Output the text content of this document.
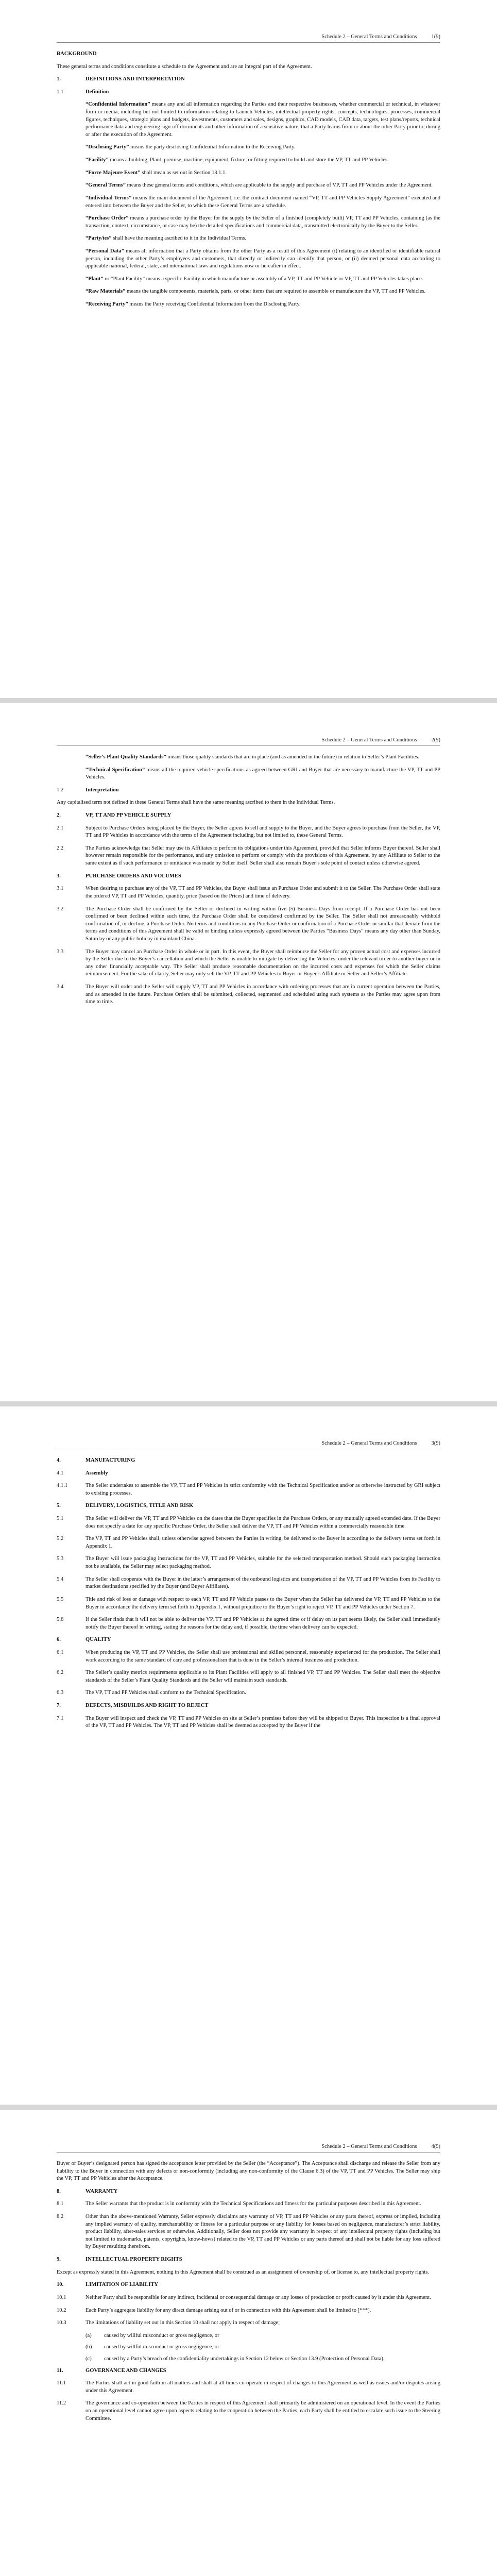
Schedule 2 – General Terms and Conditions	1(9)
BACKGROUND
These general terms and conditions constitute a schedule to the Agreement and are an integral part of the Agreement.
1.	DEFINITIONS AND INTERPRETATION
1.1	Definition

“Confidential Information” means any and all information regarding the Parties and their respective businesses, whether commercial or technical, in whatever form or media, including but not limited to information relating to Launch Vehicles, intellectual property rights, concepts, technologies, processes, commercial figures, techniques, strategic plans and budgets, investments, customers and sales, designs, graphics, CAD models, CAD data, targets, test plans/reports, technical performance data and engineering sign-off documents and other information of a sensitive nature, that a Party learns from or about the other Party prior to, during or after the execution of the Agreement.

“Disclosing Party” means the party disclosing Confidential Information to the Receiving Party.

“Facility” means a building, Plant, premise, machine, equipment, fixture, or fitting required to build and store the VP, TT and PP Vehicles.

“Force Majeure Event” shall mean as set out in Section 13.1.1.

“General Terms” means these general terms and conditions, which are applicable to the supply and purchase of VP, TT and PP Vehicles under the Agreement.

“Individual Terms” means the main document of the Agreement, i.e. the contract document named “VP, TT and PP Vehicles Supply Agreement” executed and entered into between the Buyer and the Seller, to which these General Terms are a schedule.

“Purchase Order” means a purchase order by the Buyer for the supply by the Seller of a finished (completely built) VP, TT and PP Vehicles, containing (as the transaction, context, circumstance, or case may be) the detailed specifications and commercial data, transmitted electronically by the Buyer to the Seller.

“Party/ies” shall have the meaning ascribed to it in the Individual Terms.

“Personal Data” means all information that a Party obtains from the other Party as a result of this Agreement (i) relating to an identified or identifiable natural person, including the other Party’s employees and customers, that directly or indirectly can identify that person, or (ii) deemed personal data according to applicable national, federal, state, and international laws and regulations now or hereafter in effect.

“Plant” or “Plant Facility” means a specific Facility in which manufacture or assembly of a VP, TT and PP Vehicle or VP, TT and PP Vehicles takes place.

“Raw Materials” means the tangible components, materials, parts, or other items that are required to assemble or manufacture the VP, TT and PP Vehicles.

“Receiving Party” means the Party receiving Confidential Information from the Disclosing Party.

Schedule 2 – General Terms and Conditions	2(9)

“Seller’s Plant Quality Standards” means those quality standards that are in place (and as amended in the future) in relation to Seller’s Plant Facilities.

“Technical Specification” means all the required vehicle specifications as agreed between GRI and Buyer that are necessary to manufacture the VP, TT and PP Vehicles.

1.2	Interpretation
Any capitalised term not defined in these General Terms shall have the same meaning ascribed to them in the Individual Terms.
2.	VP, TT AND PP VEHICLE SUPPLY
2.1	Subject to Purchase Orders being placed by the Buyer, the Seller agrees to sell and supply to the Buyer, and the Buyer agrees to purchase from the Seller, the VP, TT and PP Vehicles in accordance with the terms of the Agreement including, but not limited to, these General Terms.
2.2	The Parties acknowledge that Seller may use its Affiliates to perform its obligations under this Agreement, provided that Seller informs Buyer thereof. Seller shall however remain responsible for the performance, and any omission to perform or comply with the provisions of this Agreement, by any Affiliate to Seller to the same extent as if such performance or omittance was made by Seller itself. Seller shall also remain Buyer’s sole point of contact unless otherwise agreed.
3.	PURCHASE ORDERS AND VOLUMES
3.1	When desiring to purchase any of the VP, TT and PP Vehicles, the Buyer shall issue an Purchase Order and submit it to the Seller. The Purchase Order shall state the ordered VP, TT and PP Vehicles, quantity, price (based on the Prices) and time of delivery.
3.2	The Purchase Order shall be confirmed by the Seller or declined in writing within five (5) Business Days from receipt. If a Purchase Order has not been confirmed or been declined within such time, the Purchase Order shall be considered confirmed by the Seller. The Seller shall not unreasonably withhold confirmation of, or decline, a Purchase Order. No terms and conditions in any Purchase Order or confirmation of a Purchase Order or similar that deviate from the terms and conditions of this Agreement shall be valid or binding unless expressly agreed between the Parties “Business Days” means any day other than Sunday, Saturday or any public holiday in mainland China.
3.3	The Buyer may cancel an Purchase Order in whole or in part. In this event, the Buyer shall reimburse the Seller for any proven actual cost and expenses incurred by the Seller due to the Buyer’s cancellation and which the Seller is unable to mitigate by delivering the Vehicles, under the relevant order to another buyer or in any other financially acceptable way. The Seller shall produce reasonable documentation on the incurred costs and expenses for which the Seller claims reimbursement. For the sake of clarity, Seller may only sell the VP, TT and PP Vehicles to Buyer or Buyer’s Affiliate or Seller and Seller’s Affiliate.
3.4	The Buyer will order and the Seller will supply VP, TT and PP Vehicles in accordance with ordering processes that are in current operation between the Parties, and as amended in the future. Purchase Orders shall be submitted, collected, segmented and scheduled using such systems as the Parties may agree upon from time to time.
Schedule 2 – General Terms and Conditions	3(9)
4.	MANUFACTURING
4.1	Assembly
4.1.1	The Seller undertakes to assemble the VP, TT and PP Vehicles in strict conformity with the Technical Specification and/or as otherwise instructed by GRI subject to existing processes.
5.	DELIVERY, LOGISTICS, TITLE AND RISK
5.1	The Seller will deliver the VP, TT and PP Vehicles on the dates that the Buyer specifies in the Purchase Orders, or any mutually agreed extended date. If the Buyer does not specify a date for any specific Purchase Order, the Seller shall deliver the VP, TT and PP Vehicles within a commercially reasonable time.
5.2	The VP, TT and PP Vehicles shall, unless otherwise agreed between the Parties in writing, be delivered to the Buyer in according to the delivery terms set forth in Appendix 1.
5.3	The Buyer will issue packaging instructions for the VP, TT and PP Vehicles, suitable for the selected transportation method. Should such packaging instruction not be available, the Seller may select packaging method.
5.4	The Seller shall cooperate with the Buyer in the latter’s arrangement of the outbound logistics and transportation of the VP, TT and PP Vehicles from its Facility to market destinations specified by the Buyer (and Buyer Affiliates).
5.5	Title and risk of loss or damage with respect to each VP, TT and PP Vehicle passes to the Buyer when the Seller has delivered the VP, TT and PP Vehicles to the Buyer in accordance the delivery term set forth in Appendix 1, without prejudice to the Buyer’s right to reject VP, TT and PP Vehicles under Section 7.
5.6	If the Seller finds that it will not be able to deliver the VP, TT and PP Vehicles at the agreed time or if delay on its part seems likely, the Seller shall immediately notify the Buyer thereof in writing, stating the reasons for the delay and, if possible, the time when delivery can be expected.
6.	QUALITY
6.1	When producing the VP, TT and PP Vehicles, the Seller shall use professional and skilled personnel, reasonably experienced for the production. The Seller shall work according to the same standard of care and professionalism that is done in the Seller’s internal business and production.
6.2	The Seller’s quality metrics requirements applicable to its Plant Facilities will apply to all finished VP, TT and PP Vehicles. The Seller shall meet the objective standards of the Seller’s Plant Quality Standards and the Seller will maintain such standards.
6.3	The VP, TT and PP Vehicles shall conform to the Technical Specification.
7.	DEFECTS, MISBUILDS AND RIGHT TO REJECT
7.1	The Buyer will inspect and check the VP, TT and PP Vehicles on site at Seller’s premises before they will be shipped to Buyer. This inspection is a final approval of the VP, TT and PP Vehicles. The VP, TT and PP Vehicles shall be deemed as accepted by the Buyer if the
Schedule 2 – General Terms and Conditions	4(9)
Buyer or Buyer’s designated person has signed the acceptance letter provided by the Seller (the “Acceptance”). The Acceptance shall discharge and release the Seller from any liability to the Buyer in connection with any defects or non-conformity (including any non-conformity of the Clause 6.3) of the VP, TT and PP Vehicles. The Seller may ship the VP, TT and PP Vehicles after the Acceptance.
8.	WARRANTY
8.1	The Seller warrants that the product is in conformity with the Technical Specifications and fitness for the particular purposes described in this Agreement.
8.2	Other than the above-mentioned Warranty, Seller expressly disclaims any warranty of VP, TT and PP Vehicles or any parts thereof, express or implied, including any implied warranty of quality, merchantability or fitness for a particular purpose or any liability for losses based on negligence, manufacturer’s strict liability, product liability, after-sales services or otherwise. Additionally, Seller does not provide any warranty in respect of any intellectual property rights (including but not limited to trademarks, patents, copyrights, know-hows) related to the VP, TT and PP Vehicles or any parts thereof and shall not be liable for any loss suffered by Buyer resulting therefrom.
9.	INTELLECTUAL PROPERTY RIGHTS
Except as expressly stated in this Agreement, nothing in this Agreement shall be construed as an assignment of ownership of, or license to, any intellectual property rights.
10.	LIMITATION OF LIABILITY
10.1	Neither Party shall be responsible for any indirect, incidental or consequential damage or any losses of production or profit caused by it under this Agreement.
10.2	Each Party’s aggregate liability for any direct damage arising out of or in connection with this Agreement shall be limited to [***].
10.3	The limitations of liability set out in this Section 10 shall not apply in respect of damage;
(a)	caused by willful misconduct or gross negligence, or
(b)	caused by willful misconduct or gross negligence, or
(c)	caused by a Party’s breach of the confidentiality undertakings in Section 12 below or Section 13.9 (Protection of Personal Data).
11.	GOVERNANCE AND CHANGES
11.1	The Parties shall act in good faith in all matters and shall at all times co-operate in respect of changes to this Agreement as well as issues and/or disputes arising under this Agreement.
11.2	The governance and co-operation between the Parties in respect of this Agreement shall primarily be administered on an operational level. In the event the Parties on an operational level cannot agree upon aspects relating to the cooperation between the Parties, each Party shall be entitled to escalate such issue to the Steering Committee.
